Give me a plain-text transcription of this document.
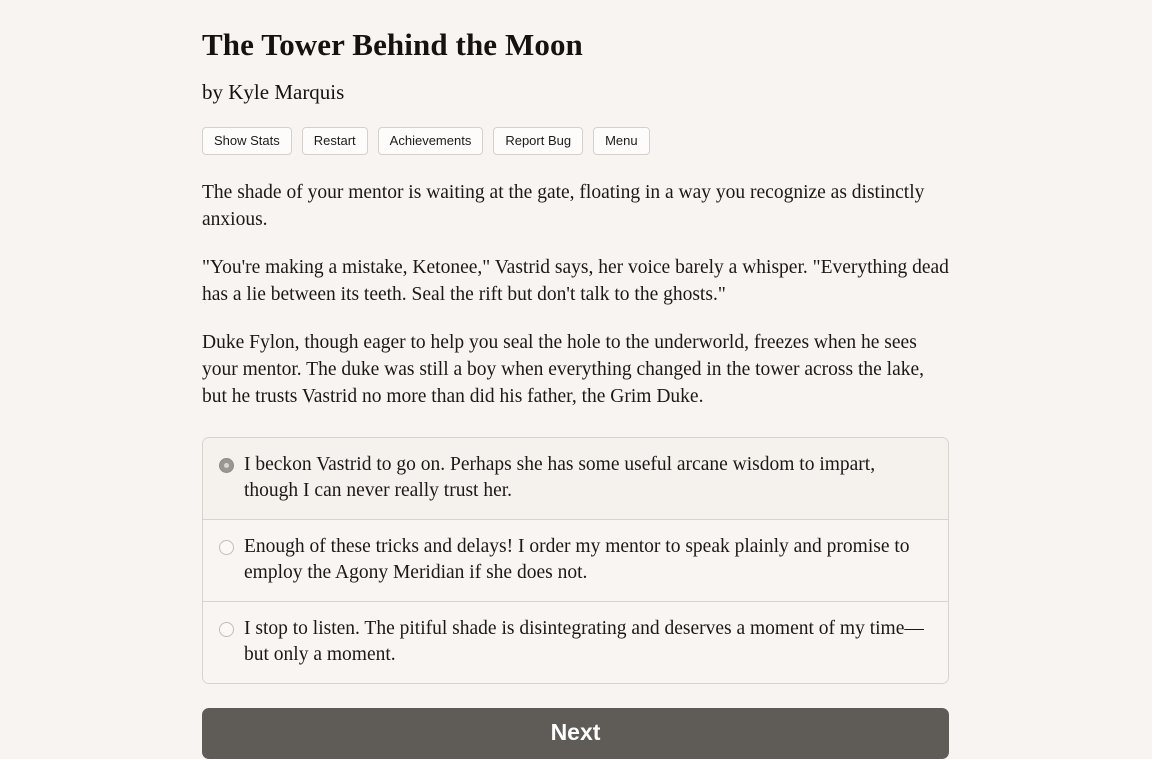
The Tower Behind the Moon

by Kyle Marquis

Show Stats	Restart	Achievements	Report Bug	Menu

The shade of your mentor is waiting at the gate, floating in a way you recognize as distinctly anxious.

"You're making a mistake, Ketonee," Vastrid says, her voice barely a whisper. "Everything dead has a lie between its teeth. Seal the rift but don't talk to the ghosts."

Duke Fylon, though eager to help you seal the hole to the underworld, freezes when he sees your mentor. The duke was still a boy when everything changed in the tower across the lake, but he trusts Vastrid no more than did his father, the Grim Duke.

I beckon Vastrid to go on. Perhaps she has some useful arcane wisdom to impart, though I can never really trust her.
Enough of these tricks and delays! I order my mentor to speak plainly and promise to employ the Agony Meridian if she does not.
I stop to listen. The pitiful shade is disintegrating and deserves a moment of my time—but only a moment.
Next
